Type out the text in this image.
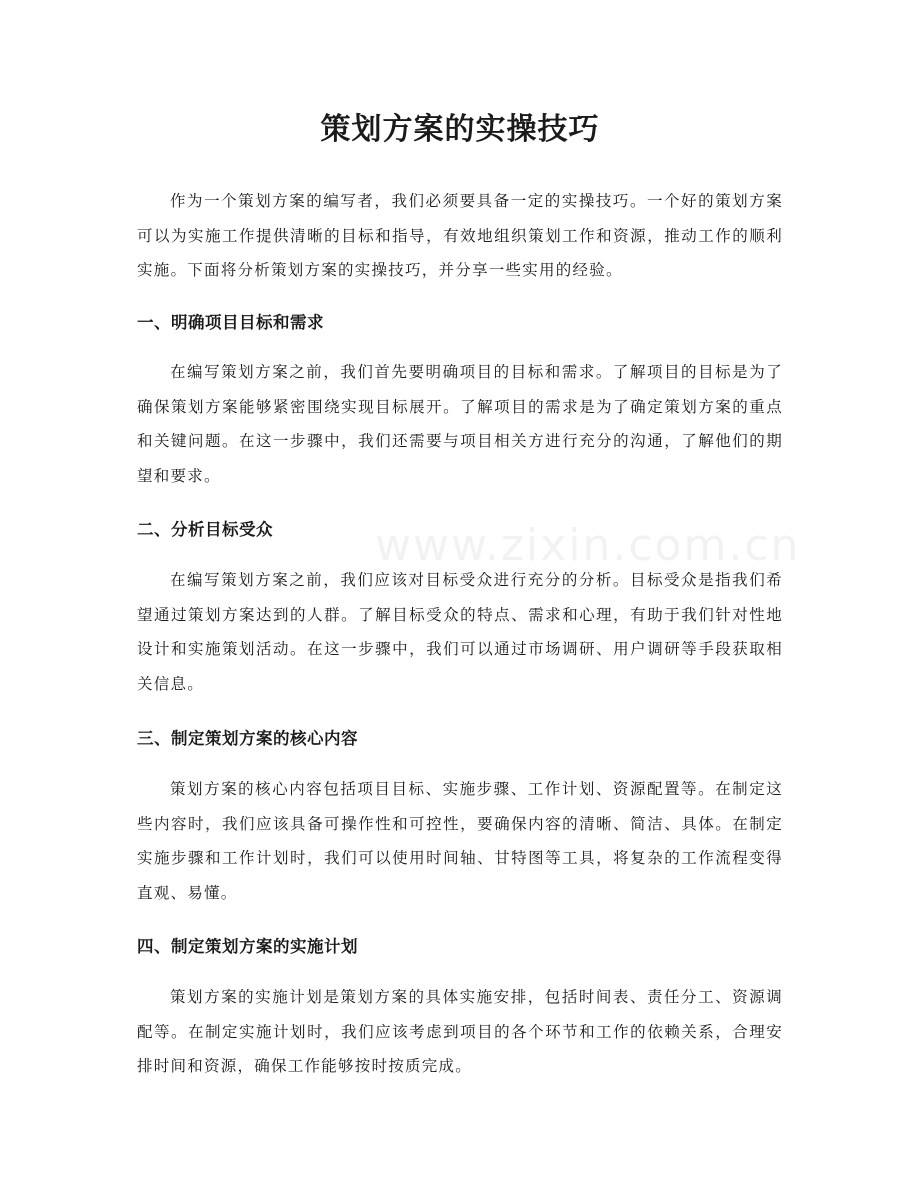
策划方案的实操技巧

作为一个策划方案的编写者，我们必须要具备一定的实操技巧。一个好的策划方案可以为实施工作提供清晰的目标和指导，有效地组织策划工作和资源，推动工作的顺利实施。下面将分析策划方案的实操技巧，并分享一些实用的经验。

一、明确项目目标和需求

在编写策划方案之前，我们首先要明确项目的目标和需求。了解项目的目标是为了确保策划方案能够紧密围绕实现目标展开。了解项目的需求是为了确定策划方案的重点和关键问题。在这一步骤中，我们还需要与项目相关方进行充分的沟通，了解他们的期望和要求。

二、分析目标受众

在编写策划方案之前，我们应该对目标受众进行充分的分析。目标受众是指我们希望通过策划方案达到的人群。了解目标受众的特点、需求和心理，有助于我们针对性地设计和实施策划活动。在这一步骤中，我们可以通过市场调研、用户调研等手段获取相关信息。

三、制定策划方案的核心内容

策划方案的核心内容包括项目目标、实施步骤、工作计划、资源配置等。在制定这些内容时，我们应该具备可操作性和可控性，要确保内容的清晰、简洁、具体。在制定实施步骤和工作计划时，我们可以使用时间轴、甘特图等工具，将复杂的工作流程变得直观、易懂。

四、制定策划方案的实施计划

策划方案的实施计划是策划方案的具体实施安排，包括时间表、责任分工、资源调配等。在制定实施计划时，我们应该考虑到项目的各个环节和工作的依赖关系，合理安排时间和资源，确保工作能够按时按质完成。

www.zixin.com.cn
